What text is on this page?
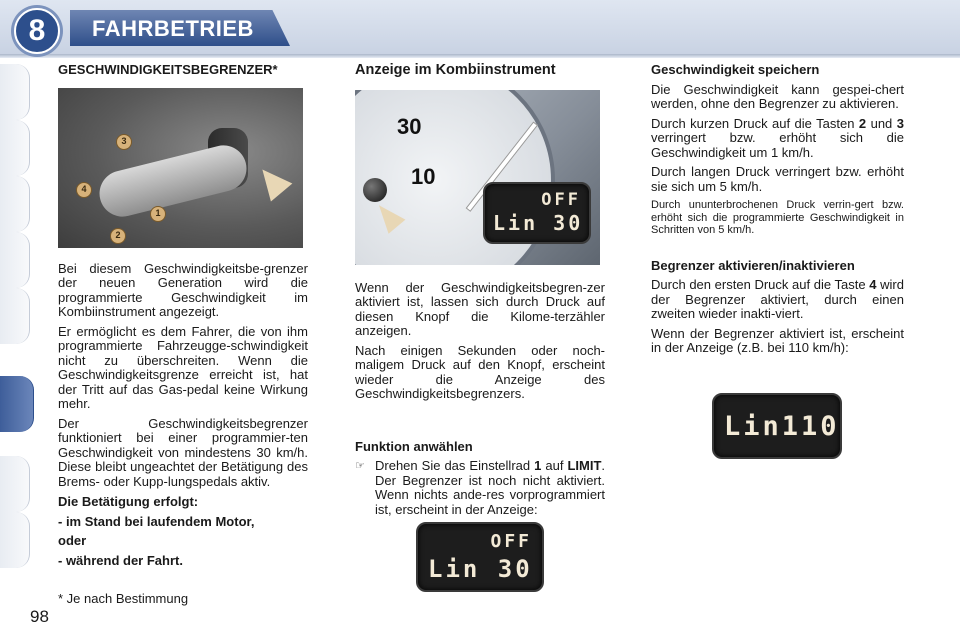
8	FAHRBETRIEB
GESCHWINDIGKEITSBEGRENZER*
3
4
1
2

Bei diesem Geschwindigkeitsbe-grenzer der neuen Generation wird die programmierte Geschwindigkeit im Kombiinstrument angezeigt.

Er ermöglicht es dem Fahrer, die von ihm programmierte Fahrzeugge-schwindigkeit nicht zu überschreiten. Wenn die Geschwindigkeitsgrenze erreicht ist, hat der Tritt auf das Gas-pedal keine Wirkung mehr.

Der Geschwindigkeitsbegrenzer funktioniert bei einer programmier-ten Geschwindigkeit von mindestens 30 km/h. Diese bleibt ungeachtet der Betätigung des Brems- oder Kupp-lungspedals aktiv.

Die Betätigung erfolgt:
- im Stand bei laufendem Motor,
oder
- während der Fahrt.
Anzeige im Kombiinstrument
30
10
OFF
Lin 30

Wenn der Geschwindigkeitsbegren-zer aktiviert ist, lassen sich durch Druck auf diesen Knopf die Kilome-terzähler anzeigen.

Nach einigen Sekunden oder noch-maligem Druck auf den Knopf, erscheint wieder die Anzeige des Geschwindigkeitsbegrenzers.

Funktion anwählen
☞ Drehen Sie das Einstellrad 1 auf LIMIT. Der Begrenzer ist noch nicht aktiviert. Wenn nichts ande-res vorprogrammiert ist, erscheint in der Anzeige:
OFF
Lin 30
Geschwindigkeit speichern

Die Geschwindigkeit kann gespei-chert werden, ohne den Begrenzer zu aktivieren.

Durch kurzen Druck auf die Tasten 2 und 3 verringert bzw. erhöht sich die Geschwindigkeit um 1 km/h.

Durch langen Druck verringert bzw. erhöht sie sich um 5 km/h.

Durch ununterbrochenen Druck verrin-gert bzw. erhöht sich die programmierte Geschwindigkeit in Schritten von 5 km/h.

Begrenzer aktivieren/inaktivieren

Durch den ersten Druck auf die Taste 4 wird der Begrenzer aktiviert, durch einen zweiten wieder inakti-viert.

Wenn der Begrenzer aktiviert ist, erscheint in der Anzeige (z.B. bei 110 km/h):

Lin110
* Je nach Bestimmung
98
